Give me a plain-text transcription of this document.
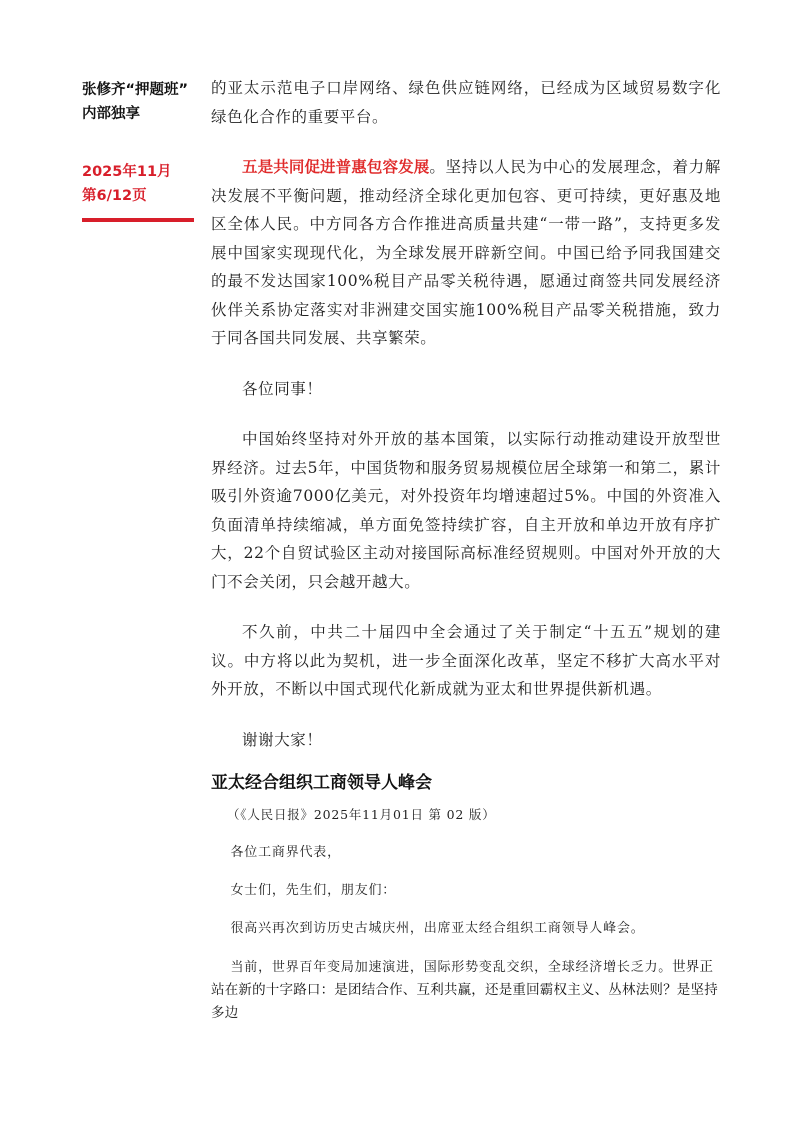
张修齐“押题班”
内部独享
2025年11月
第6/12页

的亚太示范电子口岸网络、绿色供应链网络，已经成为区域贸易数字化绿色化合作的重要平台。

五是共同促进普惠包容发展。坚持以人民为中心的发展理念，着力解决发展不平衡问题，推动经济全球化更加包容、更可持续，更好惠及地区全体人民。中方同各方合作推进高质量共建“一带一路”，支持更多发展中国家实现现代化，为全球发展开辟新空间。中国已给予同我国建交的最不发达国家100%税目产品零关税待遇，愿通过商签共同发展经济伙伴关系协定落实对非洲建交国实施100%税目产品零关税措施，致力于同各国共同发展、共享繁荣。

各位同事！

中国始终坚持对外开放的基本国策，以实际行动推动建设开放型世界经济。过去5年，中国货物和服务贸易规模位居全球第一和第二，累计吸引外资逾7000亿美元，对外投资年均增速超过5%。中国的外资准入负面清单持续缩减，单方面免签持续扩容，自主开放和单边开放有序扩大，22个自贸试验区主动对接国际高标准经贸规则。中国对外开放的大门不会关闭，只会越开越大。

不久前，中共二十届四中全会通过了关于制定“十五五”规划的建议。中方将以此为契机，进一步全面深化改革，坚定不移扩大高水平对外开放，不断以中国式现代化新成就为亚太和世界提供新机遇。

谢谢大家！

亚太经合组织工商领导人峰会

（《人民日报》2025年11月01日 第 02 版）

各位工商界代表，

女士们，先生们，朋友们：

很高兴再次到访历史古城庆州，出席亚太经合组织工商领导人峰会。

当前，世界百年变局加速演进，国际形势变乱交织，全球经济增长乏力。世界正站在新的十字路口：是团结合作、互利共赢，还是重回霸权主义、丛林法则？是坚持多边
